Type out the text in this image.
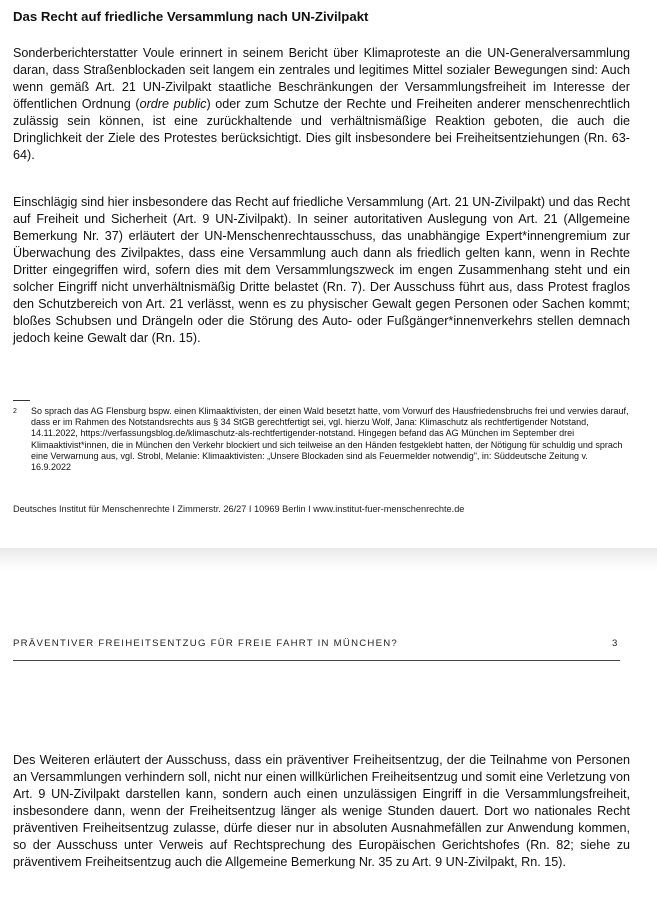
Das Recht auf friedliche Versammlung nach UN-Zivilpakt
Sonderberichterstatter Voule erinnert in seinem Bericht über Klimaproteste an die UN-Generalversammlung daran, dass Straßenblockaden seit langem ein zentrales und legitimes Mittel sozialer Bewegungen sind: Auch wenn gemäß Art. 21 UN-Zivilpakt staatliche Beschränkungen der Versammlungsfreiheit im Interesse der öffentlichen Ordnung (ordre public) oder zum Schutze der Rechte und Freiheiten anderer menschenrechtlich zulässig sein können, ist eine zurückhaltende und verhältnismäßige Reaktion geboten, die auch die Dringlichkeit der Ziele des Protestes berücksichtigt. Dies gilt insbesondere bei Freiheitsentziehungen (Rn. 63-64).
Einschlägig sind hier insbesondere das Recht auf friedliche Versammlung (Art. 21 UN-Zivilpakt) und das Recht auf Freiheit und Sicherheit (Art. 9 UN-Zivilpakt). In seiner autoritativen Auslegung von Art. 21 (Allgemeine Bemerkung Nr. 37) erläutert der UN-Menschenrechtausschuss, das unabhängige Expert*innengremium zur Überwachung des Zivilpaktes, dass eine Versammlung auch dann als friedlich gelten kann, wenn in Rechte Dritter eingegriffen wird, sofern dies mit dem Versammlungszweck im engen Zusammenhang steht und ein solcher Eingriff nicht unverhältnismäßig Dritte belastet (Rn. 7). Der Ausschuss führt aus, dass Protest fraglos den Schutzbereich von Art. 21 verlässt, wenn es zu physischer Gewalt gegen Personen oder Sachen kommt; bloßes Schubsen und Drängeln oder die Störung des Auto- oder Fußgänger*innenverkehrs stellen demnach jedoch keine Gewalt dar (Rn. 15).
2 So sprach das AG Flensburg bspw. einen Klimaaktivisten, der einen Wald besetzt hatte, vom Vorwurf des Hausfriedensbruchs frei und verwies darauf, dass er im Rahmen des Notstandsrechts aus § 34 StGB gerechtfertigt sei, vgl. hierzu Wolf, Jana: Klimaschutz als rechtfertigender Notstand, 14.11.2022, https://verfassungsblog.de/klimaschutz-als-rechtfertigender-notstand. Hingegen befand das AG München im September drei Klimaaktivist*innen, die in München den Verkehr blockiert und sich teilweise an den Händen festgeklebt hatten, der Nötigung für schuldig und sprach eine Verwarnung aus, vgl. Strobl, Melanie: Klimaaktivisten: „Unsere Blockaden sind als Feuermelder notwendig", in: Süddeutsche Zeitung v. 16.9.2022
Deutsches Institut für Menschenrechte I Zimmerstr. 26/27 I 10969 Berlin I www.institut-fuer-menschenrechte.de
PRÄVENTIVER FREIHEITSENTZUG FÜR FREIE FAHRT IN MÜNCHEN?	3
Des Weiteren erläutert der Ausschuss, dass ein präventiver Freiheitsentzug, der die Teilnahme von Personen an Versammlungen verhindern soll, nicht nur einen willkürlichen Freiheitsentzug und somit eine Verletzung von Art. 9 UN-Zivilpakt darstellen kann, sondern auch einen unzulässigen Eingriff in die Versammlungsfreiheit, insbesondere dann, wenn der Freiheitsentzug länger als wenige Stunden dauert. Dort wo nationales Recht präventiven Freiheitsentzug zulasse, dürfe dieser nur in absoluten Ausnahmefällen zur Anwendung kommen, so der Ausschuss unter Verweis auf Rechtsprechung des Europäischen Gerichtshofes (Rn. 82; siehe zu präventivem Freiheitsentzug auch die Allgemeine Bemerkung Nr. 35 zu Art. 9 UN-Zivilpakt, Rn. 15).
